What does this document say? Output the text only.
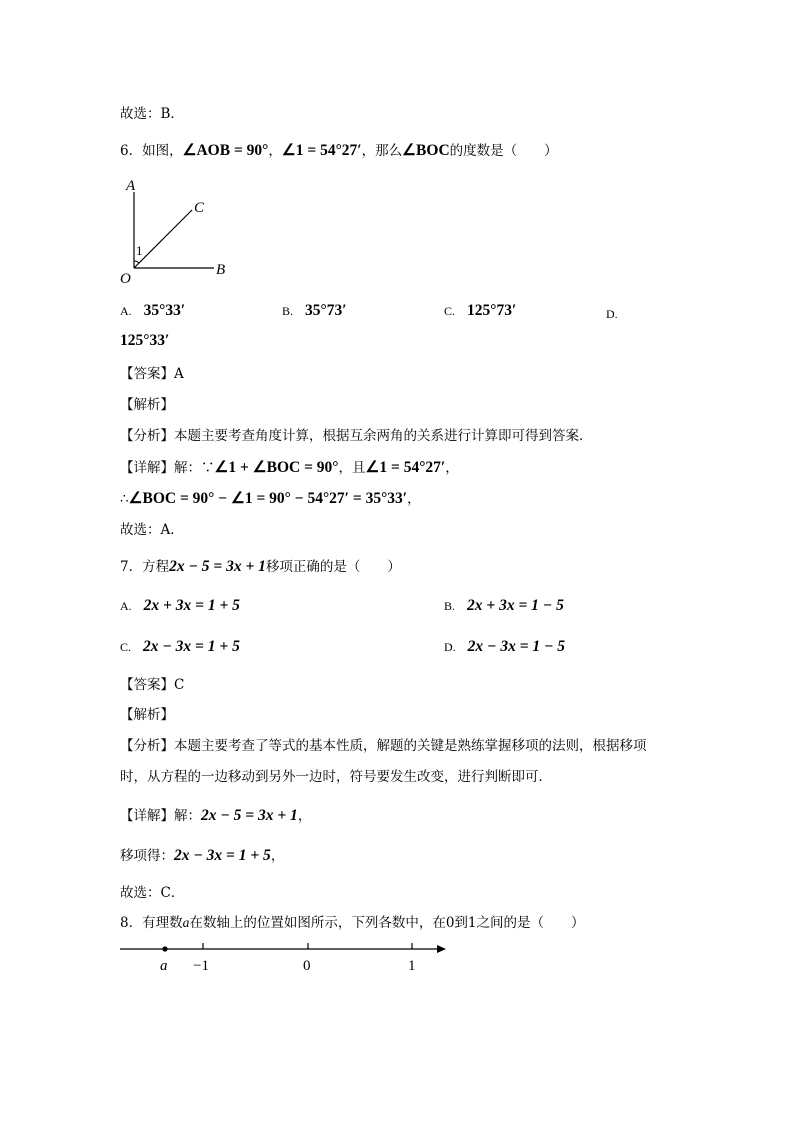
故选：B．
6．如图，∠AOB = 90°，∠1 = 54°27′，那么∠BOC的度数是（　　）
A
C
1
O
B
A. 35°33′	B. 35°73′	C. 125°73′	D.
125°33′
【答案】A
【解析】
【分析】本题主要考查角度计算，根据互余两角的关系进行计算即可得到答案．
【详解】解：∵∠1 + ∠BOC = 90°，且∠1 = 54°27′，
∴∠BOC = 90° − ∠1 = 90° − 54°27′ = 35°33′，
故选：A．
7．方程2x − 5 = 3x + 1移项正确的是（　　）
A. 2x + 3x = 1 + 5	B. 2x + 3x = 1 − 5
C. 2x − 3x = 1 + 5	D. 2x − 3x = 1 − 5
【答案】C
【解析】
【分析】本题主要考查了等式的基本性质，解题的关键是熟练掌握移项的法则，根据移项
时，从方程的一边移动到另外一边时，符号要发生改变，进行判断即可．
【详解】解：2x − 5 = 3x + 1，
移项得：2x − 3x = 1 + 5，
故选：C．
8．有理数a在数轴上的位置如图所示，下列各数中，在0到1之间的是（　　）
a −1	0	1
